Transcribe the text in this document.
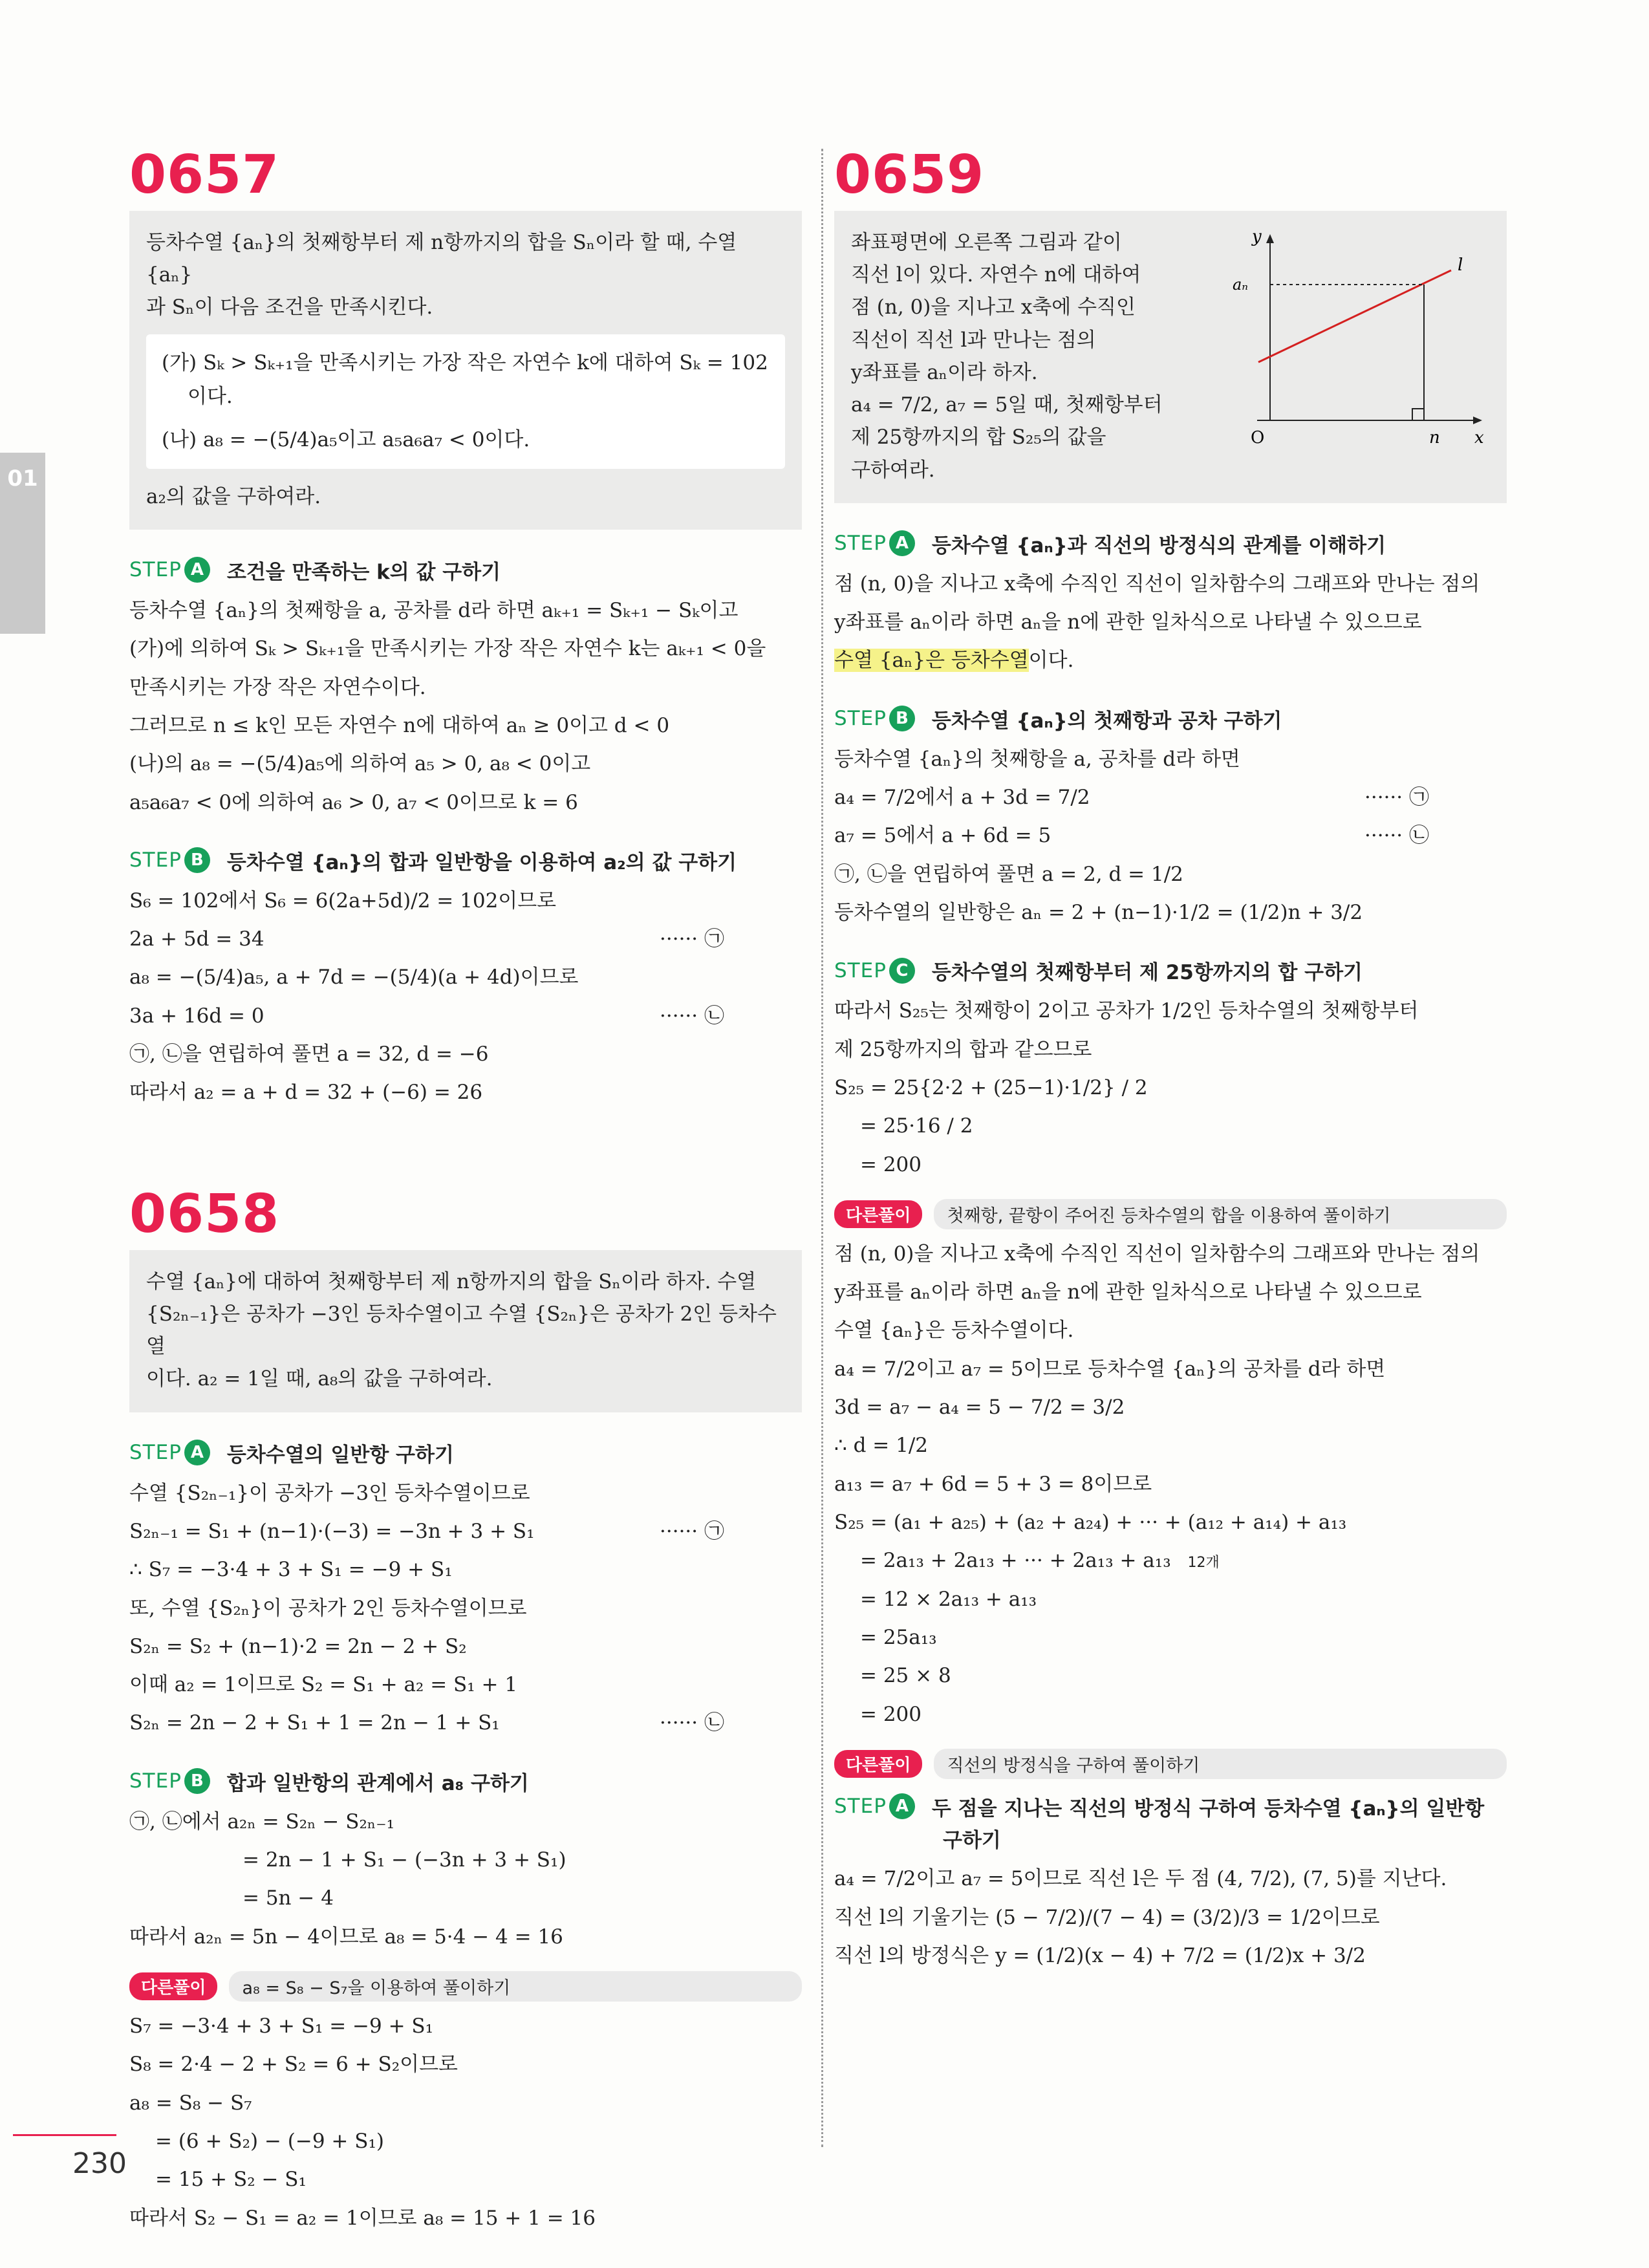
01
0657
등차수열 {aₙ}의 첫째항부터 제 n항까지의 합을 Sₙ이라 할 때, 수열 {aₙ}
과 Sₙ이 다음 조건을 만족시킨다.
(가) Sₖ > Sₖ₊₁을 만족시키는 가장 작은 자연수 k에 대하여 Sₖ = 102
이다.
(나) a₈ = −(5/4)a₅이고 a₅a₆a₇ < 0이다.
a₂의 값을 구하여라.
STEP A	조건을 만족하는 k의 값 구하기
등차수열 {aₙ}의 첫째항을 a, 공차를 d라 하면 aₖ₊₁ = Sₖ₊₁ − Sₖ이고
(가)에 의하여 Sₖ > Sₖ₊₁을 만족시키는 가장 작은 자연수 k는 aₖ₊₁ < 0을
만족시키는 가장 작은 자연수이다.
그러므로 n ≤ k인 모든 자연수 n에 대하여 aₙ ≥ 0이고 d < 0
(나)의 a₈ = −(5/4)a₅에 의하여 a₅ > 0, a₈ < 0이고
a₅a₆a₇ < 0에 의하여 a₆ > 0, a₇ < 0이므로 k = 6
STEP B	등차수열 {aₙ}의 합과 일반항을 이용하여 a₂의 값 구하기
S₆ = 102에서 S₆ = 6(2a+5d)/2 = 102이므로
2a + 5d = 34	······ ㉠
a₈ = −(5/4)a₅, a + 7d = −(5/4)(a + 4d)이므로
3a + 16d = 0	······ ㉡
㉠, ㉡을 연립하여 풀면 a = 32, d = −6
따라서 a₂ = a + d = 32 + (−6) = 26
0658
수열 {aₙ}에 대하여 첫째항부터 제 n항까지의 합을 Sₙ이라 하자. 수열
{S₂ₙ₋₁}은 공차가 −3인 등차수열이고 수열 {S₂ₙ}은 공차가 2인 등차수열
이다. a₂ = 1일 때, a₈의 값을 구하여라.
STEP A	등차수열의 일반항 구하기
수열 {S₂ₙ₋₁}이 공차가 −3인 등차수열이므로
S₂ₙ₋₁ = S₁ + (n−1)·(−3) = −3n + 3 + S₁	······ ㉠
∴ S₇ = −3·4 + 3 + S₁ = −9 + S₁
또, 수열 {S₂ₙ}이 공차가 2인 등차수열이므로
S₂ₙ = S₂ + (n−1)·2 = 2n − 2 + S₂
이때 a₂ = 1이므로 S₂ = S₁ + a₂ = S₁ + 1
S₂ₙ = 2n − 2 + S₁ + 1 = 2n − 1 + S₁	······ ㉡
STEP B	합과 일반항의 관계에서 a₈ 구하기
㉠, ㉡에서 a₂ₙ = S₂ₙ − S₂ₙ₋₁
= 2n − 1 + S₁ − (−3n + 3 + S₁)
= 5n − 4
따라서 a₂ₙ = 5n − 4이므로 a₈ = 5·4 − 4 = 16
다른풀이	a₈ = S₈ − S₇을 이용하여 풀이하기
S₇ = −3·4 + 3 + S₁ = −9 + S₁
S₈ = 2·4 − 2 + S₂ = 6 + S₂이므로
a₈ = S₈ − S₇
= (6 + S₂) − (−9 + S₁)
= 15 + S₂ − S₁
따라서 S₂ − S₁ = a₂ = 1이므로 a₈ = 15 + 1 = 16
0659
좌표평면에 오른쪽 그림과 같이
직선 l이 있다. 자연수 n에 대하여
점 (n, 0)을 지나고 x축에 수직인
직선이 직선 l과 만나는 점의
y좌표를 aₙ이라 하자.
a₄ = 7/2, a₇ = 5일 때, 첫째항부터
제 25항까지의 합 S₂₅의 값을
구하여라.
y
x
l
aₙ
O	n
STEP A	등차수열 {aₙ}과 직선의 방정식의 관계를 이해하기
점 (n, 0)을 지나고 x축에 수직인 직선이 일차함수의 그래프와 만나는 점의
y좌표를 aₙ이라 하면 aₙ을 n에 관한 일차식으로 나타낼 수 있으므로
수열 {aₙ}은 등차수열이다.
STEP B	등차수열 {aₙ}의 첫째항과 공차 구하기
등차수열 {aₙ}의 첫째항을 a, 공차를 d라 하면
a₄ = 7/2에서 a + 3d = 7/2	······ ㉠
a₇ = 5에서 a + 6d = 5	······ ㉡
㉠, ㉡을 연립하여 풀면 a = 2, d = 1/2
등차수열의 일반항은 aₙ = 2 + (n−1)·1/2 = (1/2)n + 3/2
STEP C	등차수열의 첫째항부터 제 25항까지의 합 구하기
따라서 S₂₅는 첫째항이 2이고 공차가 1/2인 등차수열의 첫째항부터
제 25항까지의 합과 같으므로
S₂₅ = 25{2·2 + (25−1)·1/2} / 2
= 25·16 / 2
= 200
다른풀이	첫째항, 끝항이 주어진 등차수열의 합을 이용하여 풀이하기
점 (n, 0)을 지나고 x축에 수직인 직선이 일차함수의 그래프와 만나는 점의
y좌표를 aₙ이라 하면 aₙ을 n에 관한 일차식으로 나타낼 수 있으므로
수열 {aₙ}은 등차수열이다.
a₄ = 7/2이고 a₇ = 5이므로 등차수열 {aₙ}의 공차를 d라 하면
3d = a₇ − a₄ = 5 − 7/2 = 3/2
∴ d = 1/2
a₁₃ = a₇ + 6d = 5 + 3 = 8이므로
S₂₅ = (a₁ + a₂₅) + (a₂ + a₂₄) + ··· + (a₁₂ + a₁₄) + a₁₃
= 2a₁₃ + 2a₁₃ + ··· + 2a₁₃ + a₁₃ 12개
= 12 × 2a₁₃ + a₁₃
= 25a₁₃
= 25 × 8
= 200
다른풀이	직선의 방정식을 구하여 풀이하기
STEP A	두 점을 지나는 직선의 방정식 구하여 등차수열 {aₙ}의 일반항
구하기
a₄ = 7/2이고 a₇ = 5이므로 직선 l은 두 점 (4, 7/2), (7, 5)를 지난다.
직선 l의 기울기는 (5 − 7/2)/(7 − 4) = (3/2)/3 = 1/2이므로
직선 l의 방정식은 y = (1/2)(x − 4) + 7/2 = (1/2)x + 3/2
230
